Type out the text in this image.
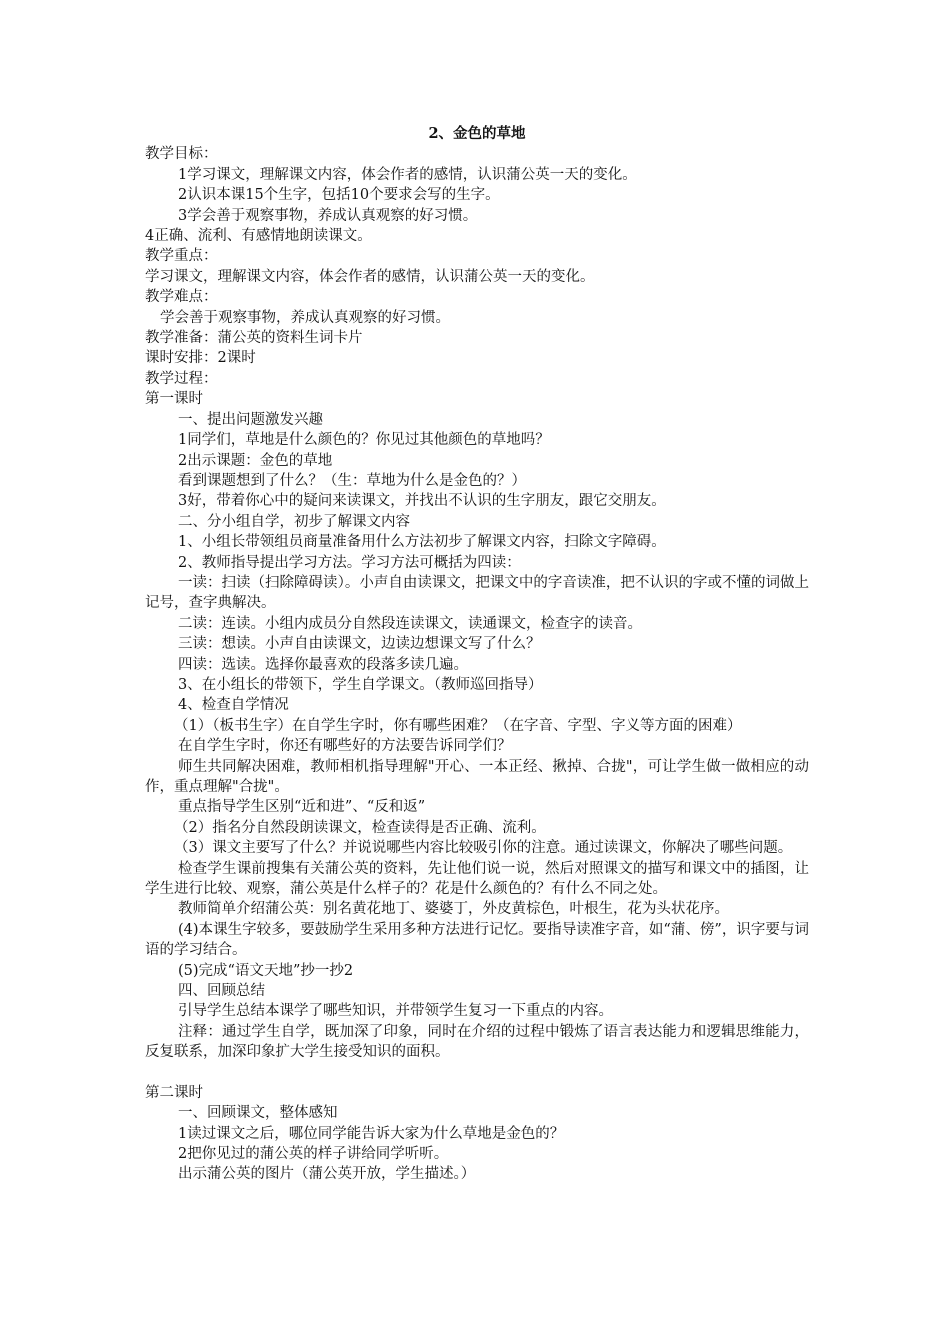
2、金色的草地

教学目标：

1学习课文，理解课文内容，体会作者的感情，认识蒲公英一天的变化。

2认识本课15个生字，包括10个要求会写的生字。

3学会善于观察事物，养成认真观察的好习惯。

4正确、流利、有感情地朗读课文。

教学重点：

学习课文，理解课文内容，体会作者的感情，认识蒲公英一天的变化。

教学难点：

学会善于观察事物，养成认真观察的好习惯。

教学准备：蒲公英的资料生词卡片

课时安排：2课时

教学过程：

第一课时

一、提出问题激发兴趣

1同学们，草地是什么颜色的？你见过其他颜色的草地吗？

2出示课题：金色的草地

看到课题想到了什么？（生：草地为什么是金色的？）

3好，带着你心中的疑问来读课文，并找出不认识的生字朋友，跟它交朋友。

二、分小组自学，初步了解课文内容

1、小组长带领组员商量准备用什么方法初步了解课文内容，扫除文字障碍。

2、教师指导提出学习方法。学习方法可概括为四读：

一读：扫读（扫除障碍读）。小声自由读课文，把课文中的字音读准，把不认识的字或不懂的词做上记号，查字典解决。

二读：连读。小组内成员分自然段连读课文，读通课文，检查字的读音。

三读：想读。小声自由读课文，边读边想课文写了什么？

四读：选读。选择你最喜欢的段落多读几遍。

3、在小组长的带领下，学生自学课文。（教师巡回指导）

4、检查自学情况

（1）（板书生字）在自学生字时，你有哪些困难？（在字音、字型、字义等方面的困难）

在自学生字时，你还有哪些好的方法要告诉同学们？

师生共同解决困难，教师相机指导理解"开心、一本正经、揪掉、合拢"，可让学生做一做相应的动作，重点理解"合拢"。

重点指导学生区别“近和进”、“反和返”

（2）指名分自然段朗读课文，检查读得是否正确、流利。

（3）课文主要写了什么？并说说哪些内容比较吸引你的注意。通过读课文，你解决了哪些问题。

检查学生课前搜集有关蒲公英的资料，先让他们说一说，然后对照课文的描写和课文中的插图，让学生进行比较、观察，蒲公英是什么样子的？花是什么颜色的？有什么不同之处。

教师简单介绍蒲公英：别名黄花地丁、婆婆丁，外皮黄棕色，叶根生，花为头状花序。

(4)本课生字较多，要鼓励学生采用多种方法进行记忆。要指导读准字音，如“蒲、傍”，识字要与词语的学习结合。

(5)完成“语文天地”抄一抄2

四、回顾总结

引导学生总结本课学了哪些知识，并带领学生复习一下重点的内容。

注释：通过学生自学，既加深了印象，同时在介绍的过程中锻炼了语言表达能力和逻辑思维能力，反复联系，加深印象扩大学生接受知识的面积。

第二课时

一、回顾课文，整体感知

1读过课文之后，哪位同学能告诉大家为什么草地是金色的？

2把你见过的蒲公英的样子讲给同学听听。

出示蒲公英的图片（蒲公英开放，学生描述。）
